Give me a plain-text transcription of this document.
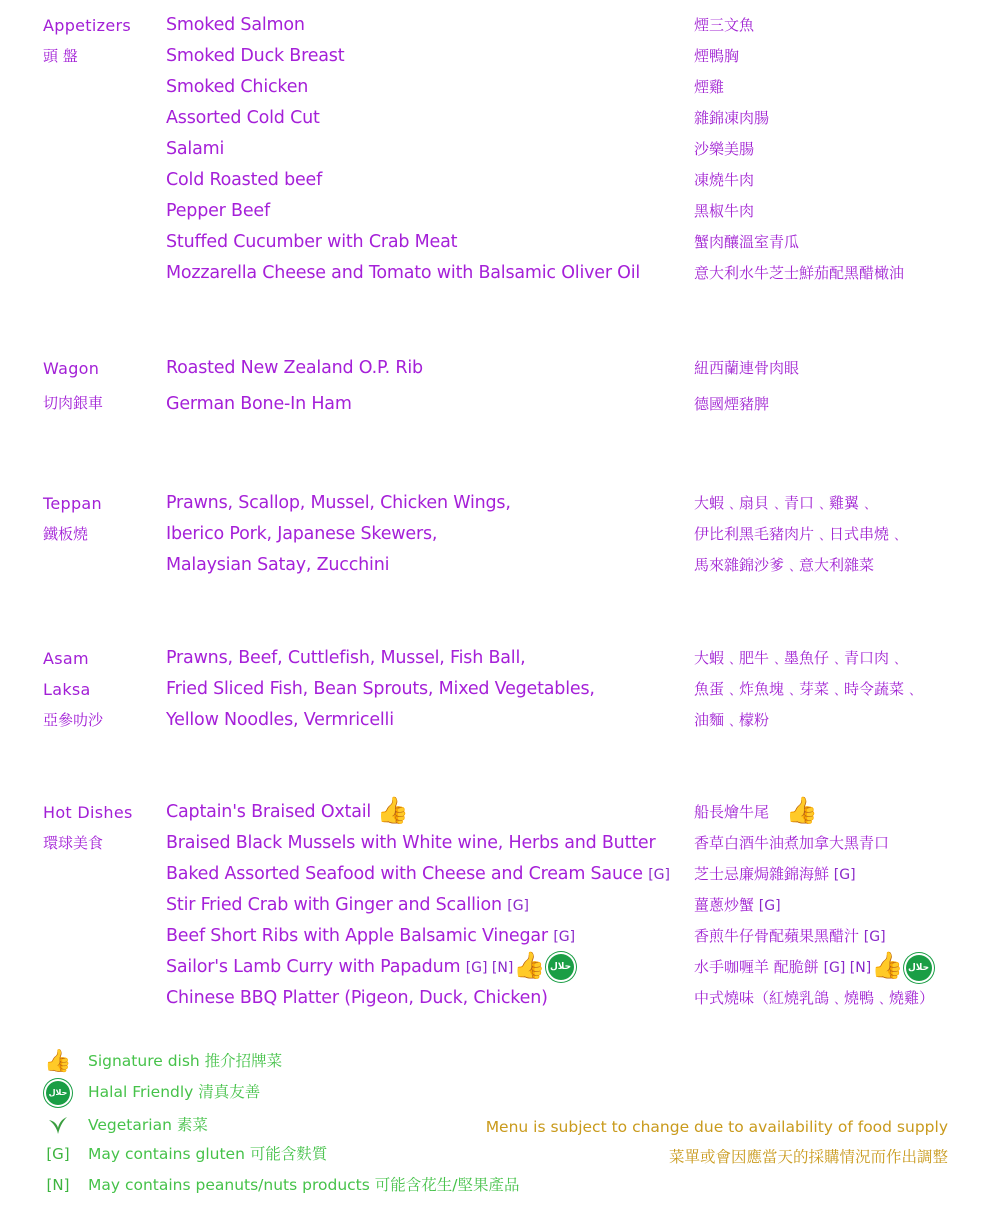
Appetizers
頭 盤
Smoked Salmon
Smoked Duck Breast
Smoked Chicken
Assorted Cold Cut
Salami
Cold Roasted beef
Pepper Beef
Stuffed Cucumber with Crab Meat
Mozzarella Cheese and Tomato with Balsamic Oliver Oil
煙三文魚
煙鴨胸
煙雞
雜錦凍肉腸
沙樂美腸
凍燒牛肉
黑椒牛肉
蟹肉釀溫室青瓜
意大利水牛芝士鮮茄配黑醋橄油
Wagon
切肉銀車
Roasted New Zealand O.P. Rib
German Bone-In Ham
紐西蘭連骨肉眼
德國煙豬脾
Teppan
鐵板燒
Prawns, Scallop, Mussel, Chicken Wings,
Iberico Pork, Japanese Skewers,
Malaysian Satay, Zucchini
大蝦﹑扇貝﹑青口﹑雞翼﹑
伊比利黑毛豬肉片﹑日式串燒﹑
馬來雜錦沙爹﹑意大利雜菜
Asam
Laksa
亞參叻沙
Prawns, Beef, Cuttlefish, Mussel, Fish Ball,
Fried Sliced Fish, Bean Sprouts, Mixed Vegetables,
Yellow Noodles, Vermricelli
大蝦﹑肥牛﹑墨魚仔﹑青口肉﹑
魚蛋﹑炸魚塊﹑芽菜﹑時令蔬菜﹑
油麵﹑檬粉
Hot Dishes
環球美食
Captain's Braised Oxtail 👍
Braised Black Mussels with White wine, Herbs and Butter
Baked Assorted Seafood with Cheese and Cream Sauce [G]
Stir Fried Crab with Ginger and Scallion [G]
Beef Short Ribs with Apple Balsamic Vinegar [G]
Sailor's Lamb Curry with Papadum [G] [N]👍 حلال
Chinese BBQ Platter (Pigeon, Duck, Chicken)
船長燴牛尾 👍
香草白酒牛油煮加拿大黑青口
芝士忌廉焗雜錦海鮮 [G]
薑蔥炒蟹 [G]
香煎牛仔骨配蘋果黑醋汁 [G]
水手咖喱羊 配脆餅 [G] [N]👍 حلال
中式燒味（紅燒乳鴿﹑燒鴨﹑燒雞）
👍 Signature dish 推介招牌菜
حلال Halal Friendly 清真友善
Vegetarian 素菜
[G] May contains gluten 可能含麩質
[N] May contains peanuts/nuts products 可能含花生/堅果產品
Menu is subject to change due to availability of food supply
菜單或會因應當天的採購情況而作出調整
